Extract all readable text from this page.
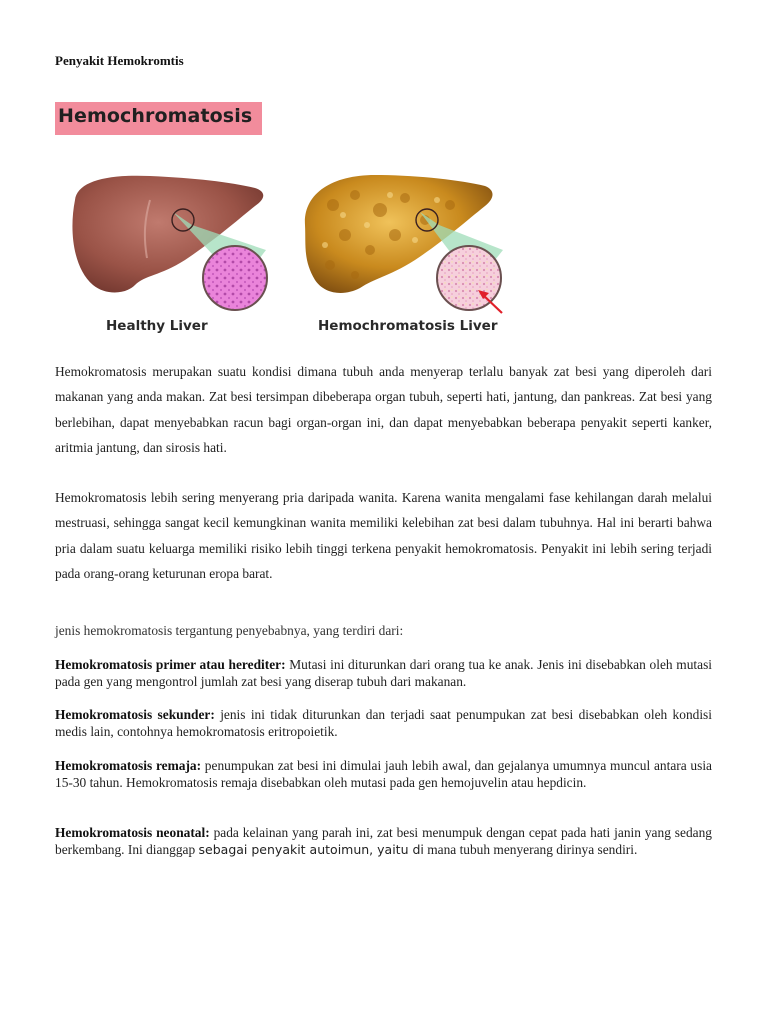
Penyakit Hemokromtis
Hemochromatosis
Healthy Liver	Hemochromatosis Liver

Hemokromatosis merupakan suatu kondisi dimana tubuh anda menyerap terlalu banyak zat besi yang diperoleh dari makanan yang anda makan. Zat besi tersimpan dibeberapa organ tubuh, seperti hati, jantung, dan pankreas. Zat besi yang berlebihan, dapat menyebabkan racun bagi organ-organ ini, dan dapat menyebabkan beberapa penyakit seperti kanker, aritmia jantung, dan sirosis hati.

Hemokromatosis lebih sering menyerang pria daripada wanita. Karena wanita mengalami fase kehilangan darah melalui mestruasi, sehingga sangat kecil kemungkinan wanita memiliki kelebihan zat besi dalam tubuhnya. Hal ini berarti bahwa pria dalam suatu keluarga memiliki risiko lebih tinggi terkena penyakit hemokromatosis. Penyakit ini lebih sering terjadi pada orang-orang keturunan eropa barat.

jenis hemokromatosis tergantung penyebabnya, yang terdiri dari:

Hemokromatosis primer atau herediter: Mutasi ini diturunkan dari orang tua ke anak. Jenis ini disebabkan oleh mutasi pada gen yang mengontrol jumlah zat besi yang diserap tubuh dari makanan.

Hemokromatosis sekunder: jenis ini tidak diturunkan dan terjadi saat penumpukan zat besi disebabkan oleh kondisi medis lain, contohnya hemokromatosis eritropoietik.

Hemokromatosis remaja: penumpukan zat besi ini dimulai jauh lebih awal, dan gejalanya umumnya muncul antara usia 15-30 tahun. Hemokromatosis remaja disebabkan oleh mutasi pada gen hemojuvelin atau hepdicin.

Hemokromatosis neonatal: pada kelainan yang parah ini, zat besi menumpuk dengan cepat pada hati janin yang sedang berkembang. Ini dianggap sebagai penyakit autoimun, yaitu di mana tubuh menyerang dirinya sendiri.
